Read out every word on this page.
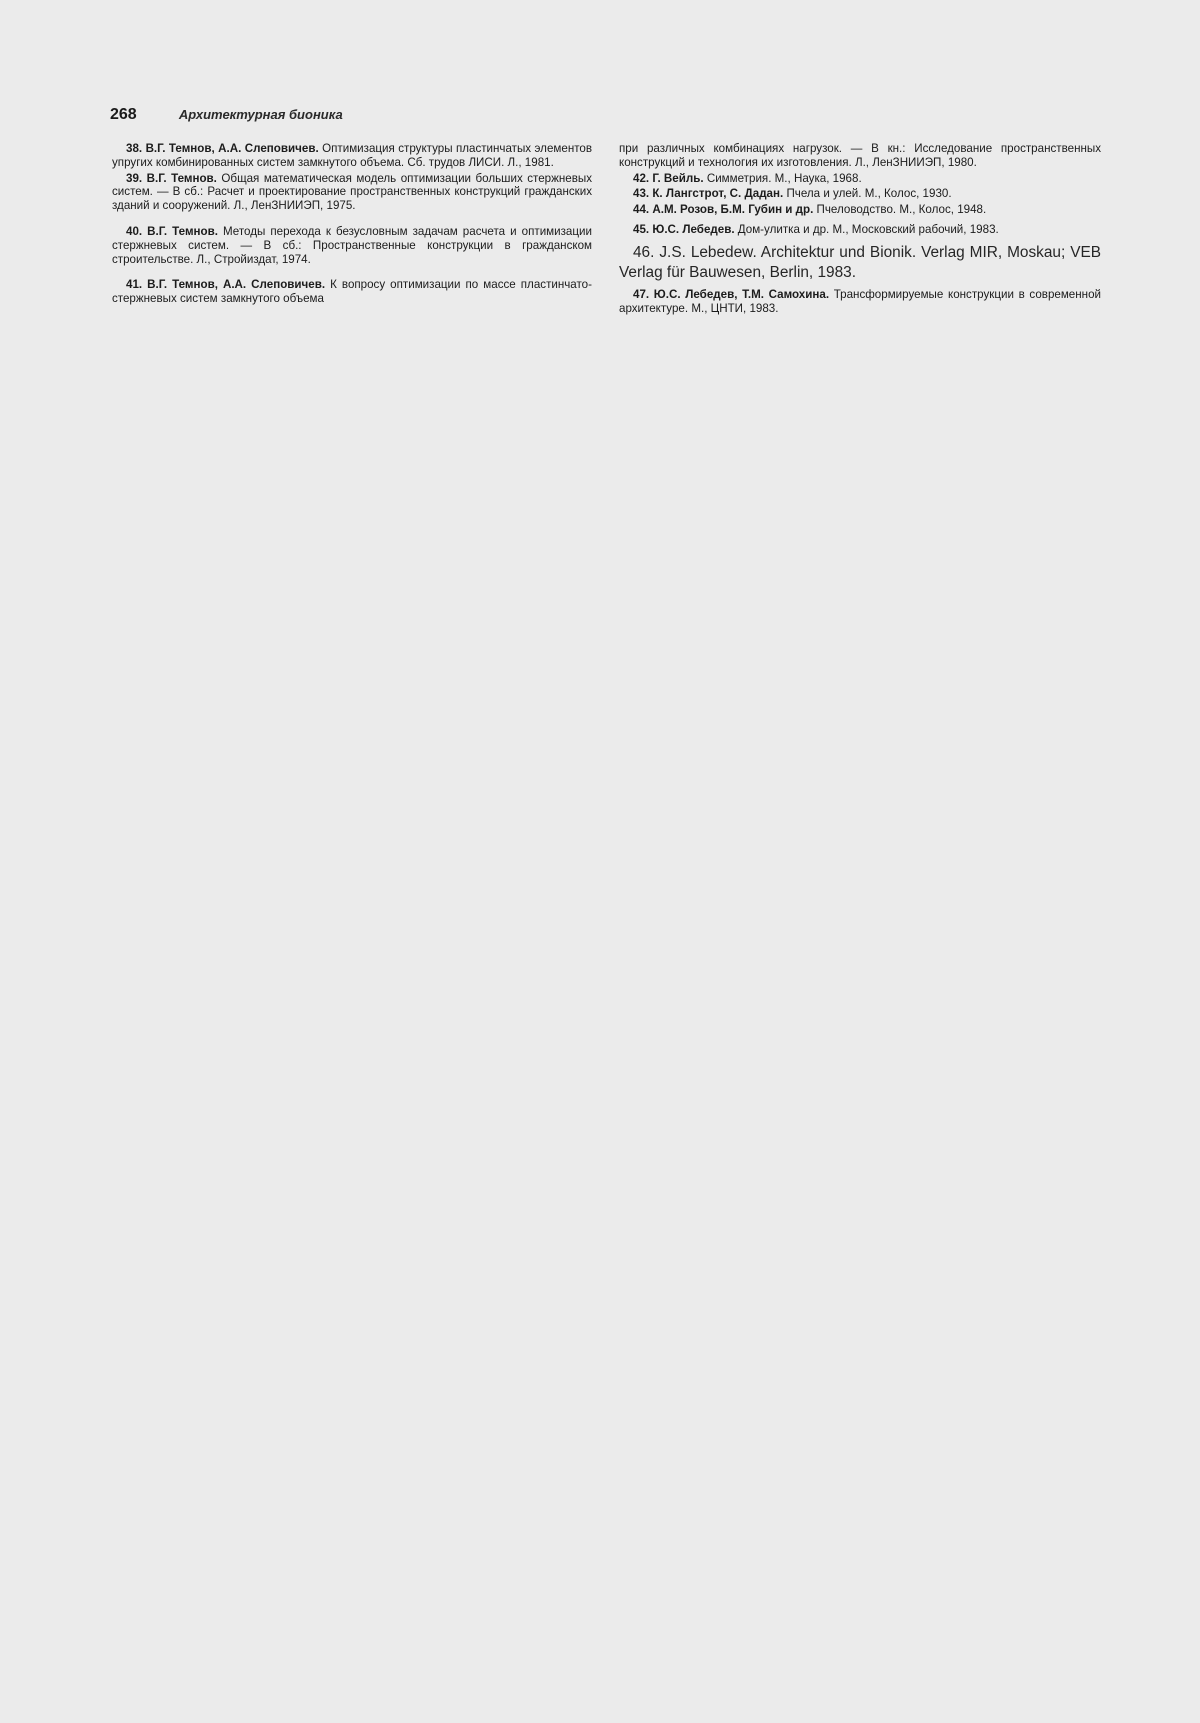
268	Архитектурная бионика

38. В.Г. Темнов, А.А. Слеповичев. Оптимизация структуры пластинчатых элементов упругих комбинированных систем замкнутого объема. Сб. трудов ЛИСИ. Л., 1981.

39. В.Г. Темнов. Общая математическая модель оптимизации больших стержневых систем. — В сб.: Расчет и проектирование пространственных конструкций гражданских зданий и сооружений. Л., ЛенЗНИИЭП, 1975.

40. В.Г. Темнов. Методы перехода к безусловным задачам расчета и оптимизации стержневых систем. — В сб.: Пространственные конструкции в гражданском строительстве. Л., Стройиздат, 1974.

41. В.Г. Темнов, А.А. Слеповичев. К вопросу оптимизации по массе пластинчато-стержневых систем замкнутого объема

при различных комбинациях нагрузок. — В кн.: Исследование пространственных конструкций и технология их изготовления. Л., ЛенЗНИИЭП, 1980.

42. Г. Вейль. Симметрия. М., Наука, 1968.

43. К. Лангстрот, С. Дадан. Пчела и улей. М., Колос, 1930.

44. А.М. Розов, Б.М. Губин и др. Пчеловодство. М., Колос, 1948.

45. Ю.С. Лебедев. Дом-улитка и др. М., Московский рабочий, 1983.

46. J.S. Lebedew. Architektur und Bionik. Verlag MIR, Moskau; VEB Verlag für Bauwesen, Berlin, 1983.

47. Ю.С. Лебедев, Т.М. Самохина. Трансформируемые конструкции в современной архитектуре. М., ЦНТИ, 1983.
